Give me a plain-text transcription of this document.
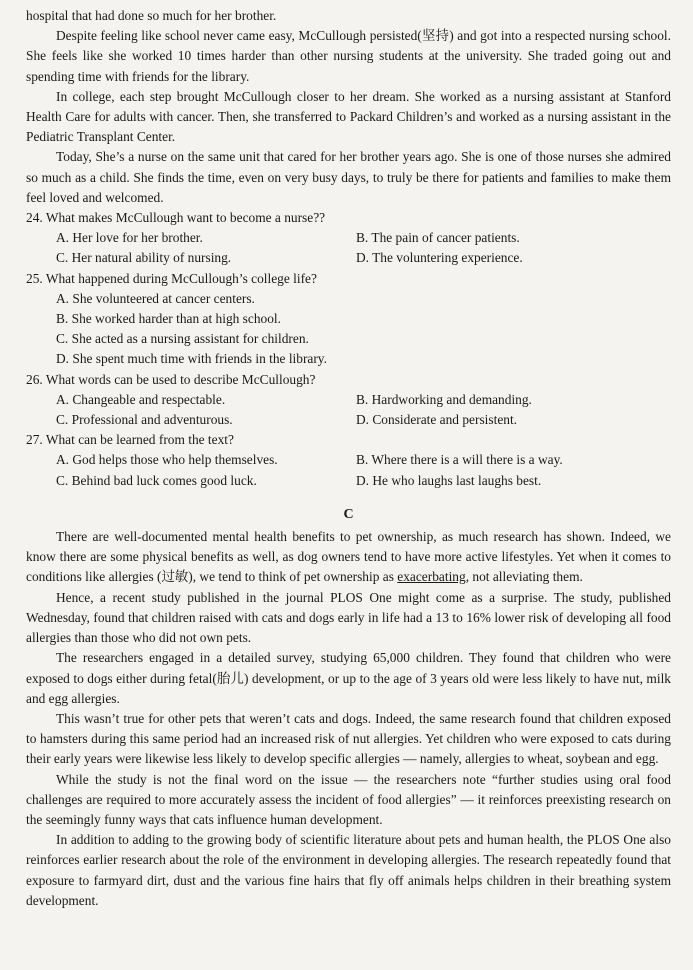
hospital that had done so much for her brother.

Despite feeling like school never came easy, McCullough persisted(坚持) and got into a respected nursing school. She feels like she worked 10 times harder than other nursing students at the university. She traded going out and spending time with friends for the library.

In college, each step brought McCullough closer to her dream. She worked as a nursing assistant at Stanford Health Care for adults with cancer. Then, she transferred to Packard Children’s and worked as a nursing assistant in the Pediatric Transplant Center.

Today, She’s a nurse on the same unit that cared for her brother years ago. She is one of those nurses she admired so much as a child. She finds the time, even on very busy days, to truly be there for patients and families to make them feel loved and welcomed.

24. What makes McCullough want to become a nurse??
A. Her love for her brother.	B. The pain of cancer patients.
C. Her natural ability of nursing.	D. The voluntering experience.
25. What happened during McCullough’s college life?
A. She volunteered at cancer centers.
B. She worked harder than at high school.
C. She acted as a nursing assistant for children.
D. She spent much time with friends in the library.
26. What words can be used to describe McCullough?
A. Changeable and respectable.	B. Hardworking and demanding.
C. Professional and adventurous.	D. Considerate and persistent.
27. What can be learned from the text?
A. God helps those who help themselves.	B. Where there is a will there is a way.
C. Behind bad luck comes good luck.	D. He who laughs last laughs best.
C

There are well-documented mental health benefits to pet ownership, as much research has shown. Indeed, we know there are some physical benefits as well, as dog owners tend to have more active lifestyles. Yet when it comes to conditions like allergies (过敏), we tend to think of pet ownership as exacerbating, not alleviating them.

Hence, a recent study published in the journal PLOS One might come as a surprise. The study, published Wednesday, found that children raised with cats and dogs early in life had a 13 to 16% lower risk of developing all food allergies than those who did not own pets.

The researchers engaged in a detailed survey, studying 65,000 children. They found that children who were exposed to dogs either during fetal(胎儿) development, or up to the age of 3 years old were less likely to have nut, milk and egg allergies.

This wasn’t true for other pets that weren’t cats and dogs. Indeed, the same research found that children exposed to hamsters during this same period had an increased risk of nut allergies. Yet children who were exposed to cats during their early years were likewise less likely to develop specific allergies — namely, allergies to wheat, soybean and egg.

While the study is not the final word on the issue — the researchers note “further studies using oral food challenges are required to more accurately assess the incident of food allergies” — it reinforces preexisting research on the seemingly funny ways that cats influence human development.

In addition to adding to the growing body of scientific literature about pets and human health, the PLOS One also reinforces earlier research about the role of the environment in developing allergies. The research repeatedly found that exposure to farmyard dirt, dust and the various fine hairs that fly off animals helps children in their breathing system development.
